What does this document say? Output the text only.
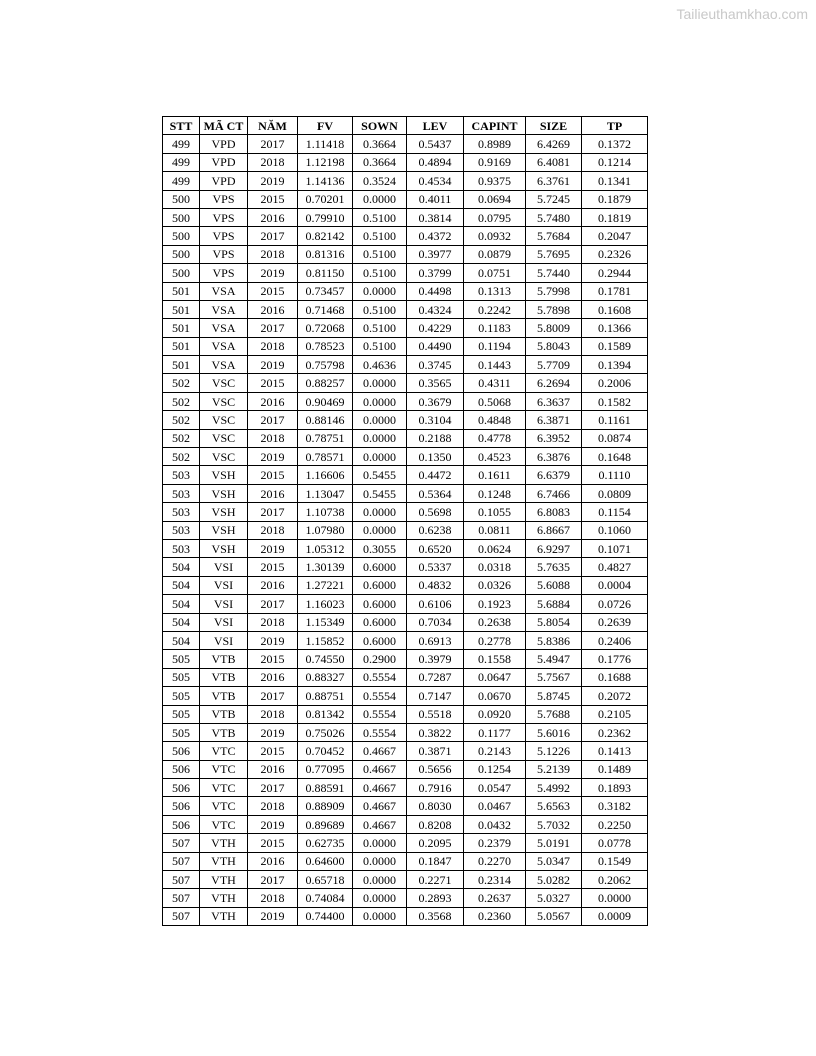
Tailieuthamkhao.com
STT	MÃ CT	NĂM	FV	SOWN	LEV	CAPINT	SIZE	TP
499	VPD	2017	1.11418	0.3664	0.5437	0.8989	6.4269	0.1372
499	VPD	2018	1.12198	0.3664	0.4894	0.9169	6.4081	0.1214
499	VPD	2019	1.14136	0.3524	0.4534	0.9375	6.3761	0.1341
500	VPS	2015	0.70201	0.0000	0.4011	0.0694	5.7245	0.1879
500	VPS	2016	0.79910	0.5100	0.3814	0.0795	5.7480	0.1819
500	VPS	2017	0.82142	0.5100	0.4372	0.0932	5.7684	0.2047
500	VPS	2018	0.81316	0.5100	0.3977	0.0879	5.7695	0.2326
500	VPS	2019	0.81150	0.5100	0.3799	0.0751	5.7440	0.2944
501	VSA	2015	0.73457	0.0000	0.4498	0.1313	5.7998	0.1781
501	VSA	2016	0.71468	0.5100	0.4324	0.2242	5.7898	0.1608
501	VSA	2017	0.72068	0.5100	0.4229	0.1183	5.8009	0.1366
501	VSA	2018	0.78523	0.5100	0.4490	0.1194	5.8043	0.1589
501	VSA	2019	0.75798	0.4636	0.3745	0.1443	5.7709	0.1394
502	VSC	2015	0.88257	0.0000	0.3565	0.4311	6.2694	0.2006
502	VSC	2016	0.90469	0.0000	0.3679	0.5068	6.3637	0.1582
502	VSC	2017	0.88146	0.0000	0.3104	0.4848	6.3871	0.1161
502	VSC	2018	0.78751	0.0000	0.2188	0.4778	6.3952	0.0874
502	VSC	2019	0.78571	0.0000	0.1350	0.4523	6.3876	0.1648
503	VSH	2015	1.16606	0.5455	0.4472	0.1611	6.6379	0.1110
503	VSH	2016	1.13047	0.5455	0.5364	0.1248	6.7466	0.0809
503	VSH	2017	1.10738	0.0000	0.5698	0.1055	6.8083	0.1154
503	VSH	2018	1.07980	0.0000	0.6238	0.0811	6.8667	0.1060
503	VSH	2019	1.05312	0.3055	0.6520	0.0624	6.9297	0.1071
504	VSI	2015	1.30139	0.6000	0.5337	0.0318	5.7635	0.4827
504	VSI	2016	1.27221	0.6000	0.4832	0.0326	5.6088	0.0004
504	VSI	2017	1.16023	0.6000	0.6106	0.1923	5.6884	0.0726
504	VSI	2018	1.15349	0.6000	0.7034	0.2638	5.8054	0.2639
504	VSI	2019	1.15852	0.6000	0.6913	0.2778	5.8386	0.2406
505	VTB	2015	0.74550	0.2900	0.3979	0.1558	5.4947	0.1776
505	VTB	2016	0.88327	0.5554	0.7287	0.0647	5.7567	0.1688
505	VTB	2017	0.88751	0.5554	0.7147	0.0670	5.8745	0.2072
505	VTB	2018	0.81342	0.5554	0.5518	0.0920	5.7688	0.2105
505	VTB	2019	0.75026	0.5554	0.3822	0.1177	5.6016	0.2362
506	VTC	2015	0.70452	0.4667	0.3871	0.2143	5.1226	0.1413
506	VTC	2016	0.77095	0.4667	0.5656	0.1254	5.2139	0.1489
506	VTC	2017	0.88591	0.4667	0.7916	0.0547	5.4992	0.1893
506	VTC	2018	0.88909	0.4667	0.8030	0.0467	5.6563	0.3182
506	VTC	2019	0.89689	0.4667	0.8208	0.0432	5.7032	0.2250
507	VTH	2015	0.62735	0.0000	0.2095	0.2379	5.0191	0.0778
507	VTH	2016	0.64600	0.0000	0.1847	0.2270	5.0347	0.1549
507	VTH	2017	0.65718	0.0000	0.2271	0.2314	5.0282	0.2062
507	VTH	2018	0.74084	0.0000	0.2893	0.2637	5.0327	0.0000
507	VTH	2019	0.74400	0.0000	0.3568	0.2360	5.0567	0.0009
